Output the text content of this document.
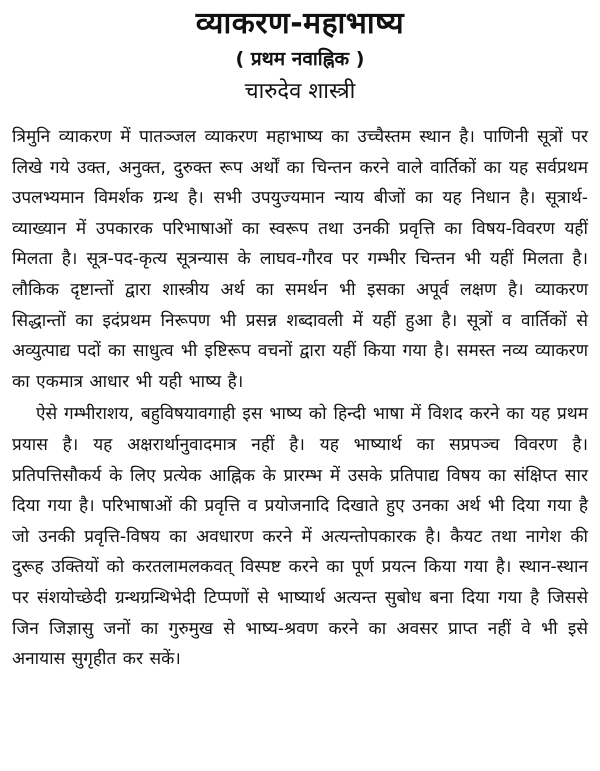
व्याकरण-महाभाष्य
( प्रथम नवाह्निक )
चारुदेव शास्त्री

त्रिमुनि व्याकरण में पातञ्जल व्याकरण महाभाष्य का उच्चैस्तम स्थान है। पाणिनी सूत्रों पर लिखे गये उक्त, अनुक्त, दुरुक्त रूप अर्थों का चिन्तन करने वाले वार्तिकों का यह सर्वप्रथम उपलभ्यमान विमर्शक ग्रन्थ है। सभी उपयुज्यमान न्याय बीजों का यह निधान है। सूत्रार्थ-व्याख्यान में उपकारक परिभाषाओं का स्वरूप तथा उनकी प्रवृत्ति का विषय-विवरण यहीं मिलता है। सूत्र-पद-कृत्य सूत्रन्यास के लाघव-गौरव पर गम्भीर चिन्तन भी यहीं मिलता है। लौकिक दृष्टान्तों द्वारा शास्त्रीय अर्थ का समर्थन भी इसका अपूर्व लक्षण है। व्याकरण सिद्धान्तों का इदंप्रथम निरूपण भी प्रसन्न शब्दावली में यहीं हुआ है। सूत्रों व वार्तिकों से अव्युत्पाद्य पदों का साधुत्व भी इष्टिरूप वचनों द्वारा यहीं किया गया है। समस्त नव्य व्याकरण का एकमात्र आधार भी यही भाष्य है।

ऐसे गम्भीराशय, बहुविषयावगाही इस भाष्य को हिन्दी भाषा में विशद करने का यह प्रथम प्रयास है। यह अक्षरार्थानुवादमात्र नहीं है। यह भाष्यार्थ का सप्रपञ्च विवरण है। प्रतिपत्तिसौकर्य के लिए प्रत्येक आह्निक के प्रारम्भ में उसके प्रतिपाद्य विषय का संक्षिप्त सार दिया गया है। परिभाषाओं की प्रवृत्ति व प्रयोजनादि दिखाते हुए उनका अर्थ भी दिया गया है जो उनकी प्रवृत्ति-विषय का अवधारण करने में अत्यन्तोपकारक है। कैयट तथा नागेश की दुरूह उक्तियों को करतलामलकवत् विस्पष्ट करने का पूर्ण प्रयत्न किया गया है। स्थान-स्थान पर संशयोच्छेदी ग्रन्थग्रन्थिभेदी टिप्पणों से भाष्यार्थ अत्यन्त सुबोध बना दिया गया है जिससे जिन जिज्ञासु जनों का गुरुमुख से भाष्य-श्रवण करने का अवसर प्राप्त नहीं वे भी इसे अनायास सुगृहीत कर सकें।
